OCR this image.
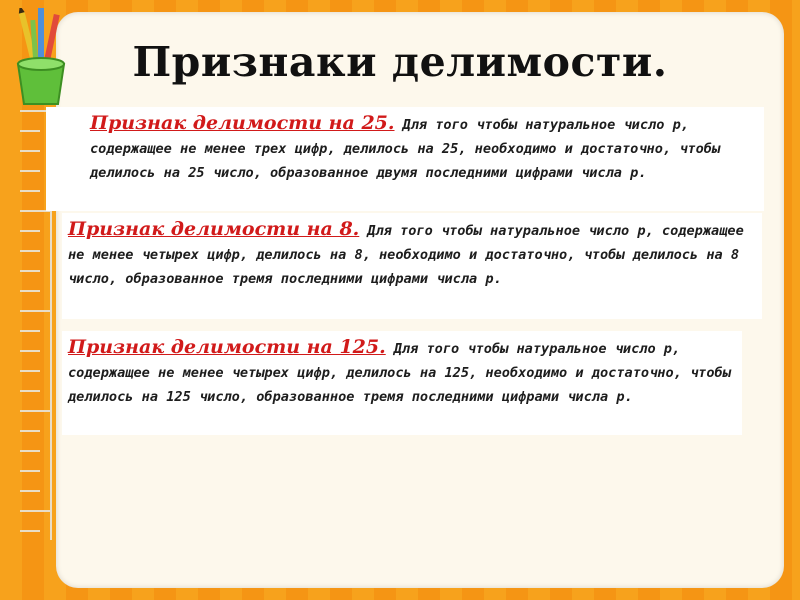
Признаки делимости.
Признак делимости на 25. Для того чтобы натуральное число p, содержащее не менее трех цифр, делилось на 25, необходимо и достаточно, чтобы делилось на 25 число, образованное двумя последними цифрами числа p.
Признак делимости на 8. Для того чтобы натуральное число p, содержащее не менее четырех цифр, делилось на 8, необходимо и достаточно, чтобы делилось на 8 число, образованное тремя последними цифрами числа p.
Признак делимости на 125. Для того чтобы натуральное число p, содержащее не менее четырех цифр, делилось на 125, необходимо и достаточно, чтобы делилось на 125 число, образованное тремя последними цифрами числа p.
